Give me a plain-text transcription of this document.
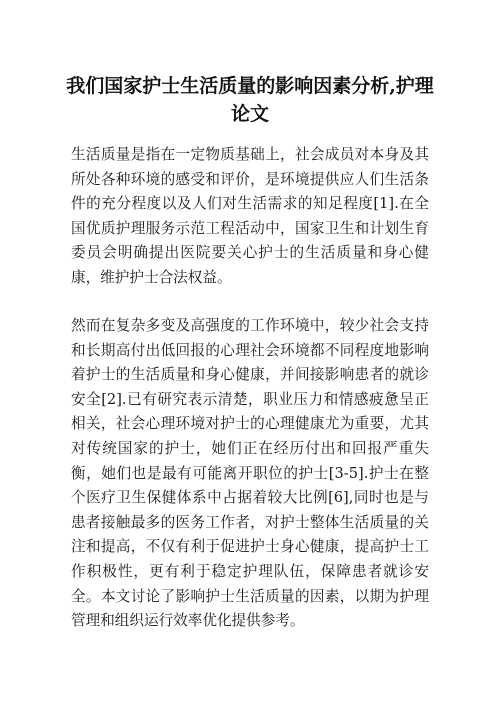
我们国家护士生活质量的影响因素分析,护理论文

生活质量是指在一定物质基础上，社会成员对本身及其所处各种环境的感受和评价，是环境提供应人们生活条件的充分程度以及人们对生活需求的知足程度[1].在全国优质护理服务示范工程活动中，国家卫生和计划生育委员会明确提出医院要关心护士的生活质量和身心健康，维护护士合法权益。

然而在复杂多变及高强度的工作环境中，较少社会支持和长期高付出低回报的心理社会环境都不同程度地影响着护士的生活质量和身心健康，并间接影响患者的就诊安全[2].已有研究表示清楚，职业压力和情感疲惫呈正相关，社会心理环境对护士的心理健康尤为重要，尤其对传统国家的护士，她们正在经历付出和回报严重失衡，她们也是最有可能离开职位的护士[3-5].护士在整个医疗卫生保健体系中占据着较大比例[6],同时也是与患者接触最多的医务工作者，对护士整体生活质量的关注和提高，不仅有利于促进护士身心健康，提高护士工作积极性，更有利于稳定护理队伍，保障患者就诊安全。本文讨论了影响护士生活质量的因素，以期为护理管理和组织运行效率优化提供参考。
